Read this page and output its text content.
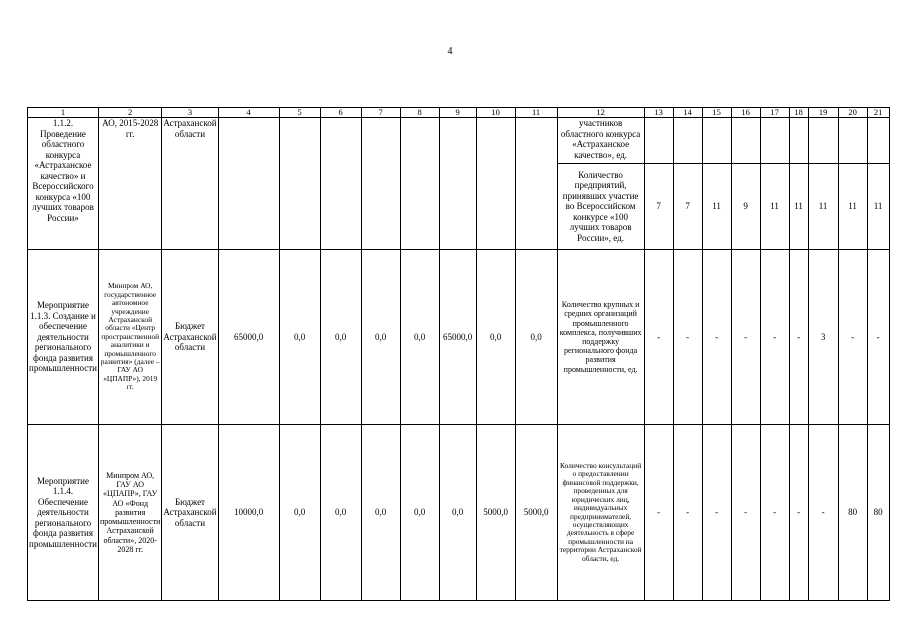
4
1	2	3	4	5	6	7	8	9	10	11	12	13	14	15	16	17	18	19	20	21
1.1.2. Проведение областного конкурса «Астраханское качество» и Всероссийского конкурса «100 лучших товаров России»	АО, 2015-2028 гг.	Астраханской области									участников областного конкурса «Астраханское качество», ед.									
											Количество предприятий, принявших участие во Всероссийском конкурсе «100 лучших товаров России», ед.	7	7	11	9	11	11	11	11	11
Мероприятие 1.1.3. Создание и обеспечение деятельности регионального фонда развития промышленности	Минпром АО, государственное автономное учреждение Астраханской области «Центр пространственной аналитики и промышленного развития» (далее – ГАУ АО «ЦПАПР»), 2019 гг.	Бюджет Астраханской области	65000,0	0,0	0,0	0,0	0,0	65000,0	0,0	0,0	Количество крупных и средних организаций промышленного комплекса, получивших поддержку регионального фонда развития промышленности, ед.	-	-	-	-	-	-	3	-	-
Мероприятие 1.1.4. Обеспечение деятельности регионального фонда развития промышленности	Минпром АО, ГАУ АО «ЦПАПР», ГАУ АО «Фонд развития промышленности Астраханской области», 2020-2028 гг.	Бюджет Астраханской области	10000,0	0,0	0,0	0,0	0,0	0,0	5000,0	5000,0	Количество консультаций о предоставлении финансовой поддержки, проведенных для юридических лиц, индивидуальных предпринимателей, осуществляющих деятельность в сфере промышленности на территории Астраханской области, ед.	-	-	-	-	-	-	-	80	80
